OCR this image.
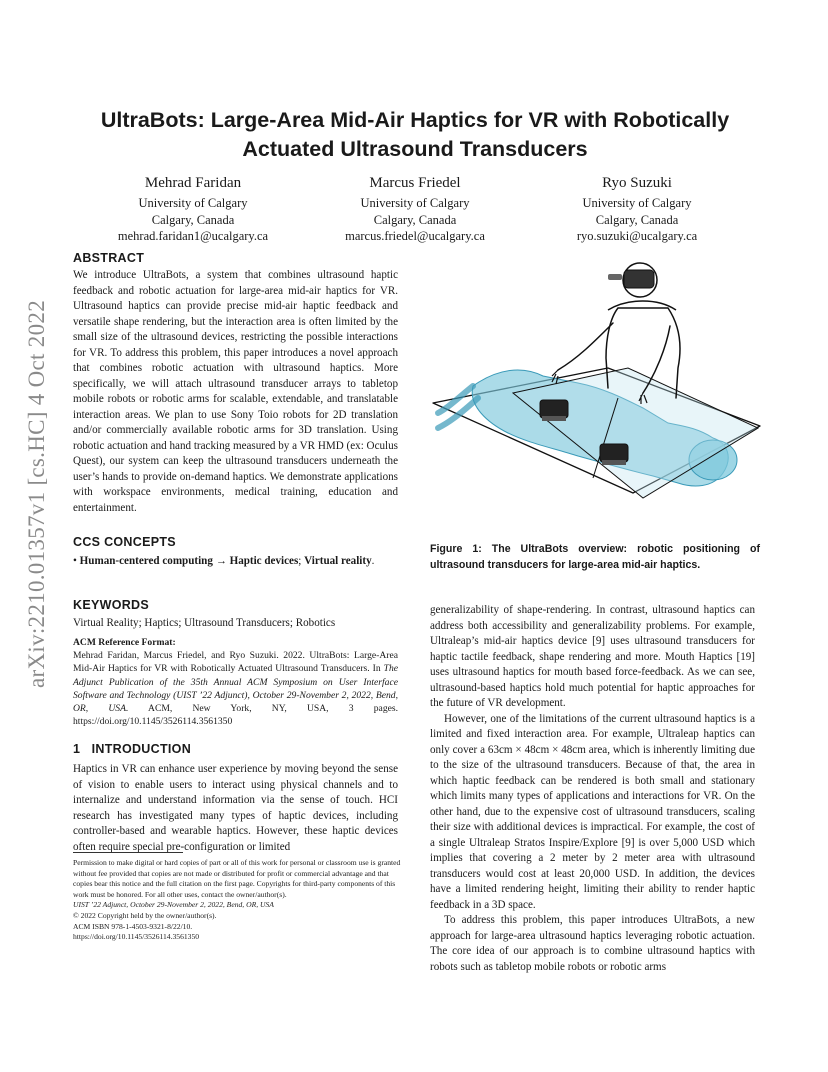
arXiv:2210.01357v1 [cs.HC] 4 Oct 2022
UltraBots: Large-Area Mid-Air Haptics for VR with Robotically
Actuated Ultrasound Transducers
Mehrad Faridan
University of Calgary
Calgary, Canada
mehrad.faridan1@ucalgary.ca
Marcus Friedel
University of Calgary
Calgary, Canada
marcus.friedel@ucalgary.ca
Ryo Suzuki
University of Calgary
Calgary, Canada
ryo.suzuki@ucalgary.ca
ABSTRACT

We introduce UltraBots, a system that combines ultrasound haptic feedback and robotic actuation for large-area mid-air haptics for VR. Ultrasound haptics can provide precise mid-air haptic feedback and versatile shape rendering, but the interaction area is often limited by the small size of the ultrasound devices, restricting the possible interactions for VR. To address this problem, this paper introduces a novel approach that combines robotic actuation with ultrasound haptics. More specifically, we will attach ultrasound transducer arrays to tabletop mobile robots or robotic arms for scalable, extendable, and translatable interaction areas. We plan to use Sony Toio robots for 2D translation and/or commercially available robotic arms for 3D translation. Using robotic actuation and hand tracking measured by a VR HMD (ex: Oculus Quest), our system can keep the ultrasound transducers underneath the user’s hands to provide on-demand haptics. We demonstrate applications with workspace environments, medical training, education and entertainment.

CCS CONCEPTS

• Human-centered computing → Haptic devices; Virtual reality.

KEYWORDS

Virtual Reality; Haptics; Ultrasound Transducers; Robotics

ACM Reference Format:

Mehrad Faridan, Marcus Friedel, and Ryo Suzuki. 2022. UltraBots: Large-Area Mid-Air Haptics for VR with Robotically Actuated Ultrasound Transducers. In The Adjunct Publication of the 35th Annual ACM Symposium on User Interface Software and Technology (UIST ’22 Adjunct), October 29-November 2, 2022, Bend, OR, USA. ACM, New York, NY, USA, 3 pages. https://doi.org/10.1145/3526114.3561350

1 INTRODUCTION

Haptics in VR can enhance user experience by moving beyond the sense of vision to enable users to interact using physical channels and to internalize and understand information via the sense of touch. HCI research has investigated many types of haptic devices, including controller-based and wearable haptics. However, these haptic devices often require special pre-configuration or limited

Figure 1: The UltraBots overview: robotic positioning of ultrasound transducers for large-area mid-air haptics.

generalizability of shape-rendering. In contrast, ultrasound haptics can address both accessibility and generalizability problems. For example, Ultraleap’s mid-air haptics device [9] uses ultrasound transducers for haptic tactile feedback, shape rendering and more. Mouth Haptics [19] uses ultrasound haptics for mouth based force-feedback. As we can see, ultrasound-based haptics hold much potential for haptic approaches for the future of VR development.

However, one of the limitations of the current ultrasound haptics is a limited and fixed interaction area. For example, Ultraleap haptics can only cover a 63cm × 48cm × 48cm area, which is inherently limiting due to the size of the ultrasound transducers. Because of that, the area in which haptic feedback can be rendered is both small and stationary which limits many types of applications and interactions for VR. On the other hand, due to the expensive cost of ultrasound transducers, scaling their size with additional devices is impractical. For example, the cost of a single Ultraleap Stratos Inspire/Explore [9] is over 5,000 USD which implies that covering a 2 meter by 2 meter area with ultrasound transducers would cost at least 20,000 USD. In addition, the devices have a limited rendering height, limiting their ability to render haptic feedback in a 3D space.

To address this problem, this paper introduces UltraBots, a new approach for large-area ultrasound haptics leveraging robotic actuation. The core idea of our approach is to combine ultrasound haptics with robots such as tabletop mobile robots or robotic arms

Permission to make digital or hard copies of part or all of this work for personal or classroom use is granted without fee provided that copies are not made or distributed for profit or commercial advantage and that copies bear this notice and the full citation on the first page. Copyrights for third-party components of this work must be honored. For all other uses, contact the owner/author(s).

UIST ’22 Adjunct, October 29-November 2, 2022, Bend, OR, USA

© 2022 Copyright held by the owner/author(s).

ACM ISBN 978-1-4503-9321-8/22/10.

https://doi.org/10.1145/3526114.3561350
